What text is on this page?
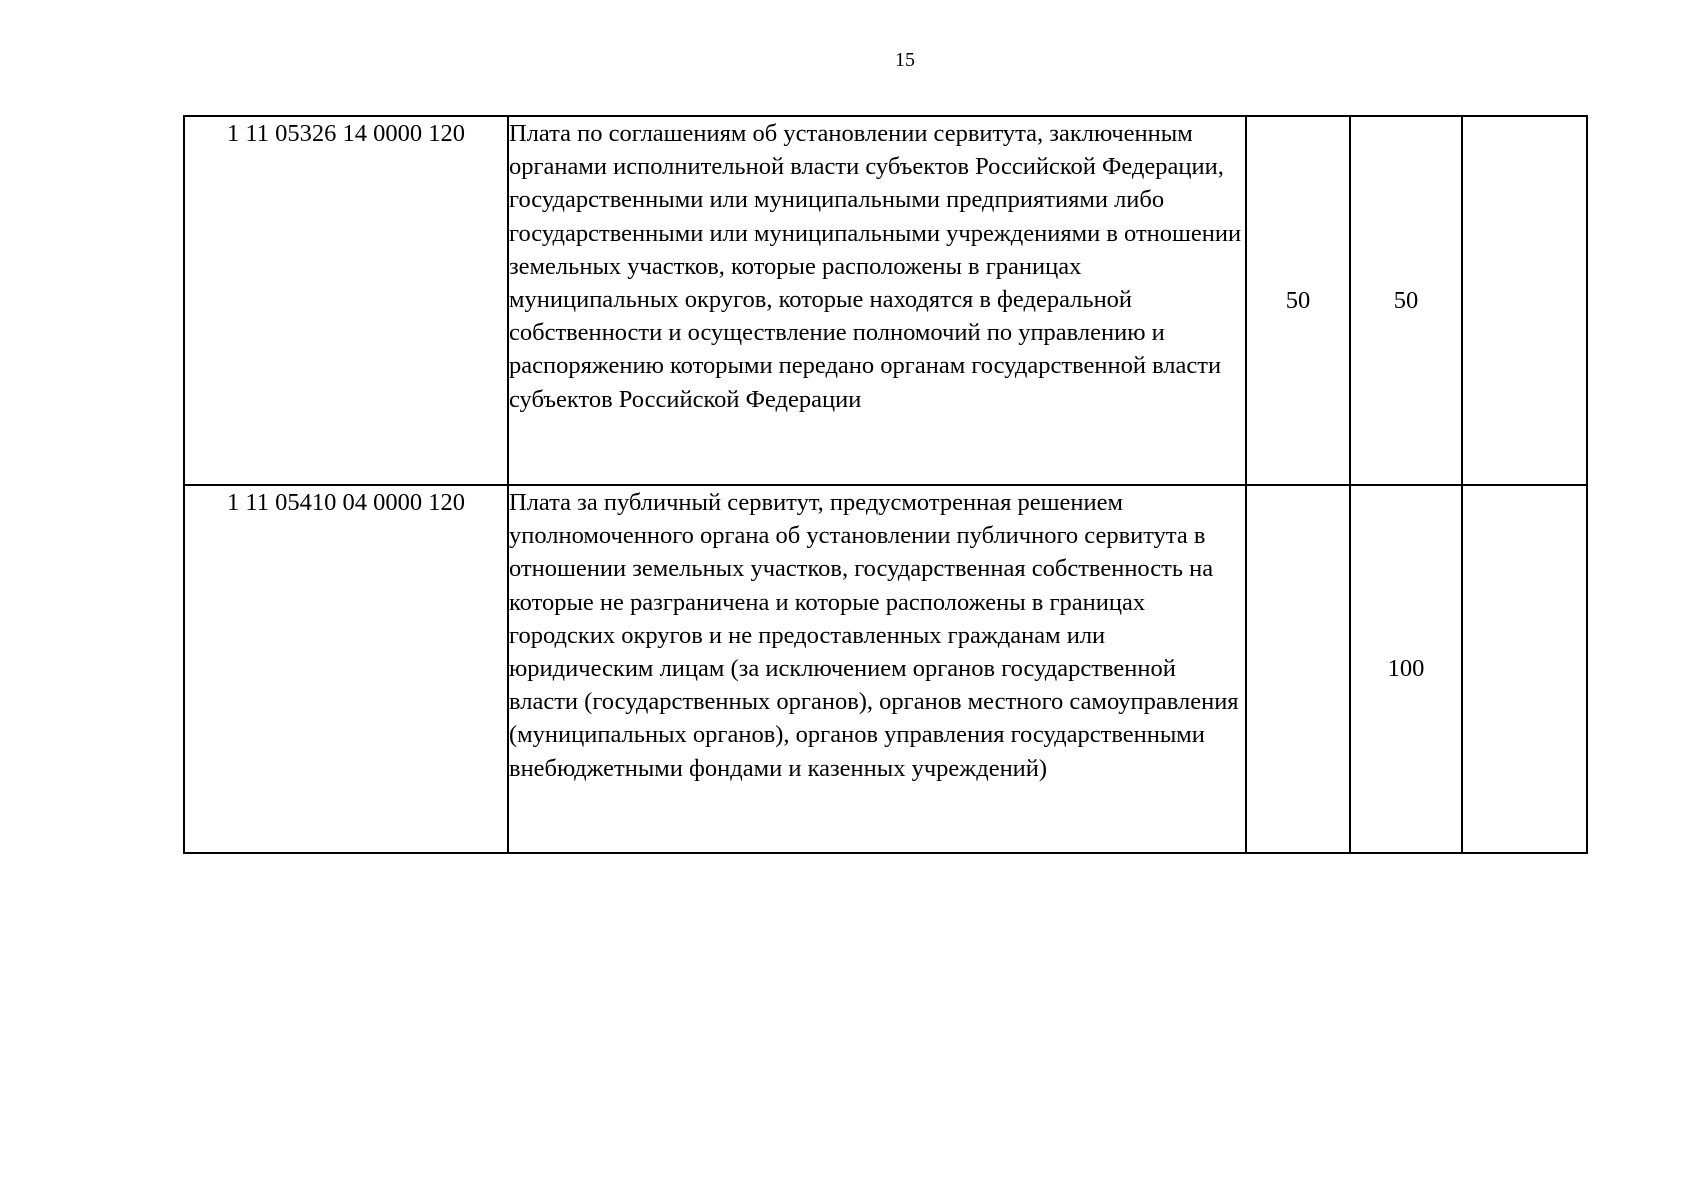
15
1 11 05326 14 0000 120	Плата по соглашениям об установлении сервитута, заключенным органами исполнительной власти субъектов Российской Федерации, государственными или муниципальными предприятиями либо государственными или муниципальными учреждениями в отношении земельных участков, которые расположены в границах муниципальных округов, которые находятся в федеральной собственности и осуществление полномочий по управлению и распоряжению которыми передано органам государственной власти субъектов Российской Федерации	50	50	
1 11 05410 04 0000 120	Плата за публичный сервитут, предусмотренная решением уполномоченного органа об установлении публичного сервитута в отношении земельных участков, государственная собственность на которые не разграничена и которые расположены в границах городских округов и не предоставленных гражданам или юридическим лицам (за исключением органов государственной власти (государственных органов), органов местного самоуправления (муниципальных органов), органов управления государственными внебюджетными фондами и казенных учреждений)		100	
